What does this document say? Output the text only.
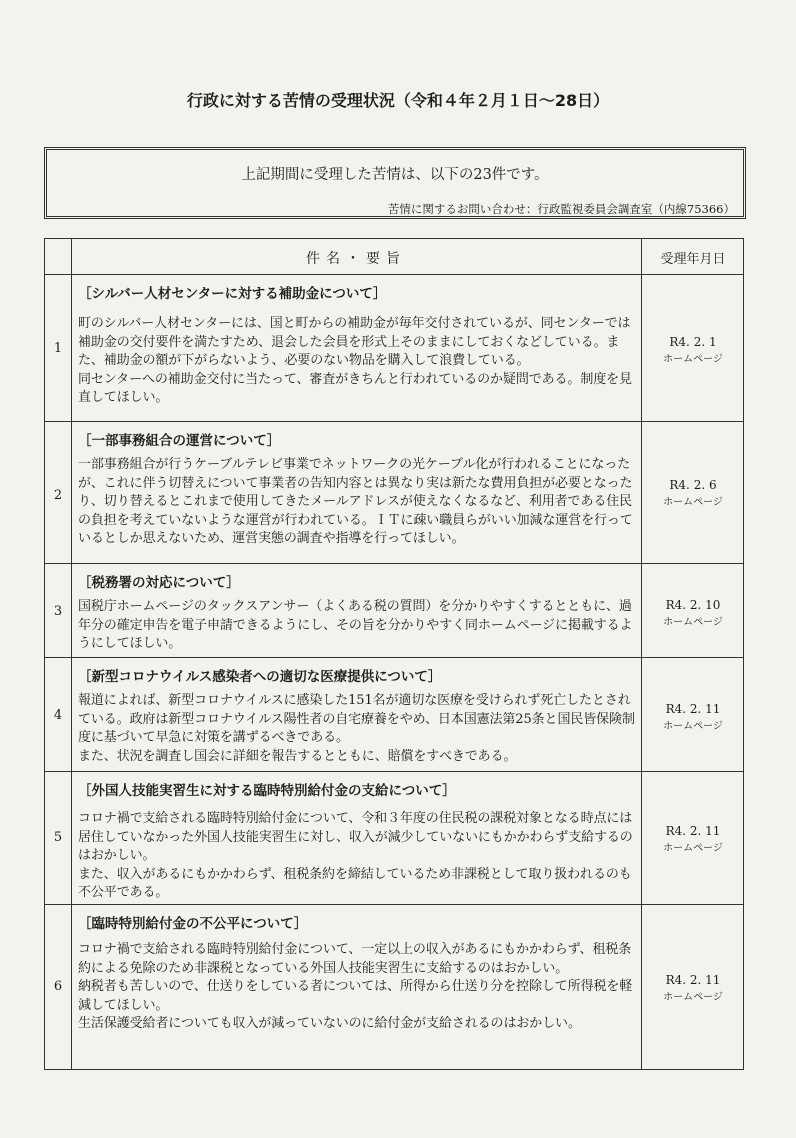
行政に対する苦情の受理状況（令和４年２月１日〜28日）
上記期間に受理した苦情は、以下の23件です。
苦情に関するお問い合わせ：行政監視委員会調査室（内線75366）
件名・要旨	受理年月日
1
［シルバー人材センターに対する補助金について］

町のシルバー人材センターには、国と町からの補助金が毎年交付されているが、同センターでは補助金の交付要件を満たすため、退会した会員を形式上そのままにしておくなどしている。また、補助金の額が下がらないよう、必要のない物品を購入して浪費している。

同センターへの補助金交付に当たって、審査がきちんと行われているのか疑問である。制度を見直してほしい。

R4. 2. 1
ホームページ
2
［一部事務組合の運営について］

一部事務組合が行うケーブルテレビ事業でネットワークの光ケーブル化が行われることになったが、これに伴う切替えについて事業者の告知内容とは異なり実は新たな費用負担が必要となったり、切り替えるとこれまで使用してきたメールアドレスが使えなくなるなど、利用者である住民の負担を考えていないような運営が行われている。ＩＴに疎い職員らがいい加減な運営を行っているとしか思えないため、運営実態の調査や指導を行ってほしい。

R4. 2. 6
ホームページ
3
［税務署の対応について］

国税庁ホームページのタックスアンサー（よくある税の質問）を分かりやすくするとともに、過年分の確定申告を電子申請できるようにし、その旨を分かりやすく同ホームページに掲載するようにしてほしい。

R4. 2. 10
ホームページ
4
［新型コロナウイルス感染者への適切な医療提供について］

報道によれば、新型コロナウイルスに感染した151名が適切な医療を受けられず死亡したとされている。政府は新型コロナウイルス陽性者の自宅療養をやめ、日本国憲法第25条と国民皆保険制度に基づいて早急に対策を講ずるべきである。

また、状況を調査し国会に詳細を報告するとともに、賠償をすべきである。

R4. 2. 11
ホームページ
5
［外国人技能実習生に対する臨時特別給付金の支給について］

コロナ禍で支給される臨時特別給付金について、令和３年度の住民税の課税対象となる時点には居住していなかった外国人技能実習生に対し、収入が減少していないにもかかわらず支給するのはおかしい。

また、収入があるにもかかわらず、租税条約を締結しているため非課税として取り扱われるのも不公平である。

R4. 2. 11
ホームページ
6
［臨時特別給付金の不公平について］

コロナ禍で支給される臨時特別給付金について、一定以上の収入があるにもかかわらず、租税条約による免除のため非課税となっている外国人技能実習生に支給するのはおかしい。

納税者も苦しいので、仕送りをしている者については、所得から仕送り分を控除して所得税を軽減してほしい。

生活保護受給者についても収入が減っていないのに給付金が支給されるのはおかしい。

R4. 2. 11
ホームページ
